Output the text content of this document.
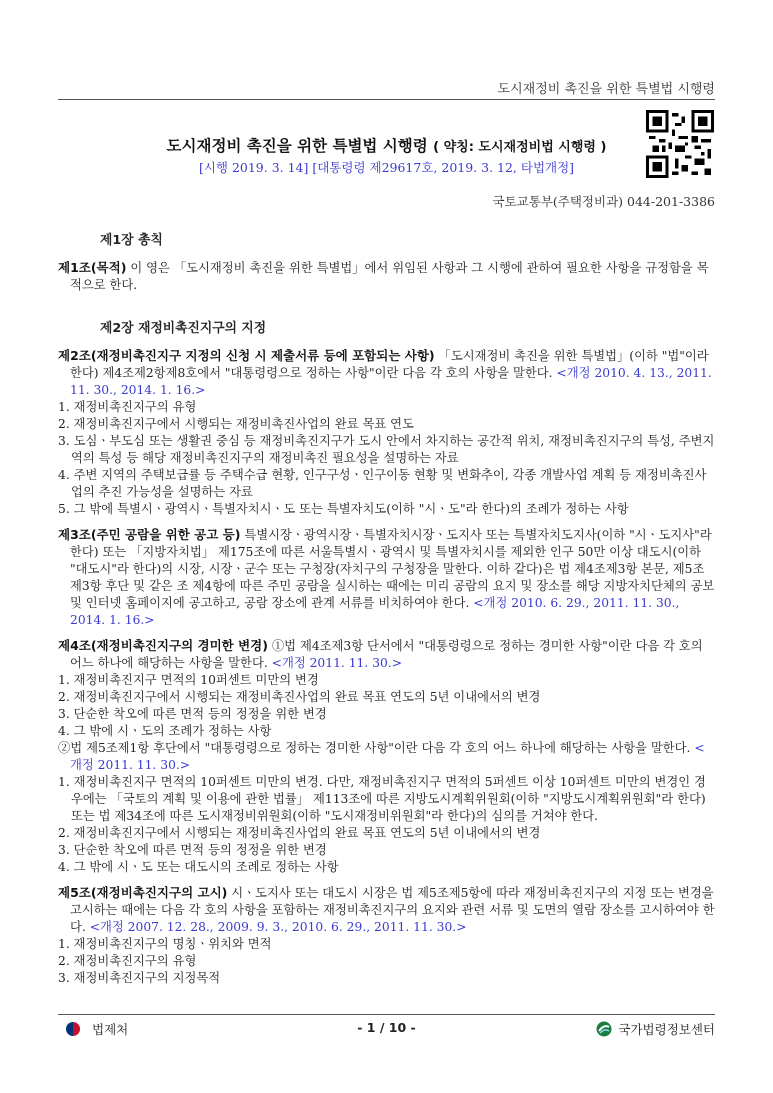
도시재정비 촉진을 위한 특별법 시행령
도시재정비 촉진을 위한 특별법 시행령 ( 약칭: 도시재정비법 시행령 )
[시행 2019. 3. 14] [대통령령 제29617호, 2019. 3. 12, 타법개정]
국토교통부(주택정비과) 044-201-3386
제1장 총칙
제1조(목적) 이 영은 「도시재정비 촉진을 위한 특별법」에서 위임된 사항과 그 시행에 관하여 필요한 사항을 규정함을 목적으로 한다.
제2장 재정비촉진지구의 지정
제2조(재정비촉진지구 지정의 신청 시 제출서류 등에 포함되는 사항) 「도시재정비 촉진을 위한 특별법」(이하 "법"이라 한다) 제4조제2항제8호에서 "대통령령으로 정하는 사항"이란 다음 각 호의 사항을 말한다. <개정 2010. 4. 13., 2011. 11. 30., 2014. 1. 16.>
1. 재정비촉진지구의 유형
2. 재정비촉진지구에서 시행되는 재정비촉진사업의 완료 목표 연도
3. 도심ㆍ부도심 또는 생활권 중심 등 재정비촉진지구가 도시 안에서 차지하는 공간적 위치, 재정비촉진지구의 특성, 주변지역의 특성 등 해당 재정비촉진지구의 재정비촉진 필요성을 설명하는 자료
4. 주변 지역의 주택보급률 등 주택수급 현황, 인구구성ㆍ인구이동 현황 및 변화추이, 각종 개발사업 계획 등 재정비촉진사업의 추진 가능성을 설명하는 자료
5. 그 밖에 특별시ㆍ광역시ㆍ특별자치시ㆍ도 또는 특별자치도(이하 "시ㆍ도"라 한다)의 조례가 정하는 사항
제3조(주민 공람을 위한 공고 등) 특별시장ㆍ광역시장ㆍ특별자치시장ㆍ도지사 또는 특별자치도지사(이하 "시ㆍ도지사"라 한다) 또는 「지방자치법」 제175조에 따른 서울특별시ㆍ광역시 및 특별자치시를 제외한 인구 50만 이상 대도시(이하 "대도시"라 한다)의 시장, 시장ㆍ군수 또는 구청장(자치구의 구청장을 말한다. 이하 같다)은 법 제4조제3항 본문, 제5조제3항 후단 및 같은 조 제4항에 따른 주민 공람을 실시하는 때에는 미리 공람의 요지 및 장소를 해당 지방자치단체의 공보 및 인터넷 홈페이지에 공고하고, 공람 장소에 관계 서류를 비치하여야 한다. <개정 2010. 6. 29., 2011. 11. 30., 2014. 1. 16.>
제4조(재정비촉진지구의 경미한 변경) ①법 제4조제3항 단서에서 "대통령령으로 정하는 경미한 사항"이란 다음 각 호의 어느 하나에 해당하는 사항을 말한다. <개정 2011. 11. 30.>
1. 재정비촉진지구 면적의 10퍼센트 미만의 변경
2. 재정비촉진지구에서 시행되는 재정비촉진사업의 완료 목표 연도의 5년 이내에서의 변경
3. 단순한 착오에 따른 면적 등의 정정을 위한 변경
4. 그 밖에 시ㆍ도의 조례가 정하는 사항
②법 제5조제1항 후단에서 "대통령령으로 정하는 경미한 사항"이란 다음 각 호의 어느 하나에 해당하는 사항을 말한다. <개정 2011. 11. 30.>
1. 재정비촉진지구 면적의 10퍼센트 미만의 변경. 다만, 재정비촉진지구 면적의 5퍼센트 이상 10퍼센트 미만의 변경인 경우에는 「국토의 계획 및 이용에 관한 법률」 제113조에 따른 지방도시계획위원회(이하 "지방도시계획위원회"라 한다) 또는 법 제34조에 따른 도시재정비위원회(이하 "도시재정비위원회"라 한다)의 심의를 거쳐야 한다.
2. 재정비촉진지구에서 시행되는 재정비촉진사업의 완료 목표 연도의 5년 이내에서의 변경
3. 단순한 착오에 따른 면적 등의 정정을 위한 변경
4. 그 밖에 시ㆍ도 또는 대도시의 조례로 정하는 사항
제5조(재정비촉진지구의 고시) 시ㆍ도지사 또는 대도시 시장은 법 제5조제5항에 따라 재정비촉진지구의 지정 또는 변경을 고시하는 때에는 다음 각 호의 사항을 포함하는 재정비촉진지구의 요지와 관련 서류 및 도면의 열람 장소를 고시하여야 한다. <개정 2007. 12. 28., 2009. 9. 3., 2010. 6. 29., 2011. 11. 30.>
1. 재정비촉진지구의 명칭ㆍ위치와 면적
2. 재정비촉진지구의 유형
3. 재정비촉진지구의 지정목적
법제처	- 1 / 10 -	국가법령정보센터
